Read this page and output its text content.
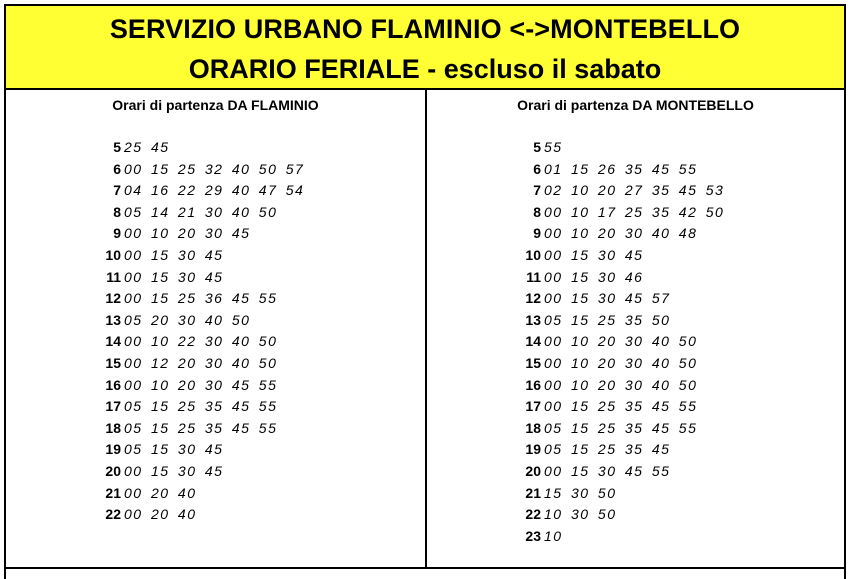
SERVIZIO URBANO FLAMINIO <->MONTEBELLO
ORARIO FERIALE - escluso il sabato
Orari di partenza DA FLAMINIO
5 25 45
6 00 15 25 32 40 50 57
7 04 16 22 29 40 47 54
8 05 14 21 30 40 50
9 00 10 20 30 45
10 00 15 30 45
11 00 15 30 45
12 00 15 25 36 45 55
13 05 20 30 40 50
14 00 10 22 30 40 50
15 00 12 20 30 40 50
16 00 10 20 30 45 55
17 05 15 25 35 45 55
18 05 15 25 35 45 55
19 05 15 30 45
20 00 15 30 45
21 00 20 40
22 00 20 40
Orari di partenza DA MONTEBELLO
5 55
6 01 15 26 35 45 55
7 02 10 20 27 35 45 53
8 00 10 17 25 35 42 50
9 00 10 20 30 40 48
10 00 15 30 45
11 00 15 30 46
12 00 15 30 45 57
13 05 15 25 35 50
14 00 10 20 30 40 50
15 00 10 20 30 40 50
16 00 10 20 30 40 50
17 00 15 25 35 45 55
18 05 15 25 35 45 55
19 05 15 25 35 45
20 00 15 30 45 55
21 15 30 50
22 10 30 50
23 10
